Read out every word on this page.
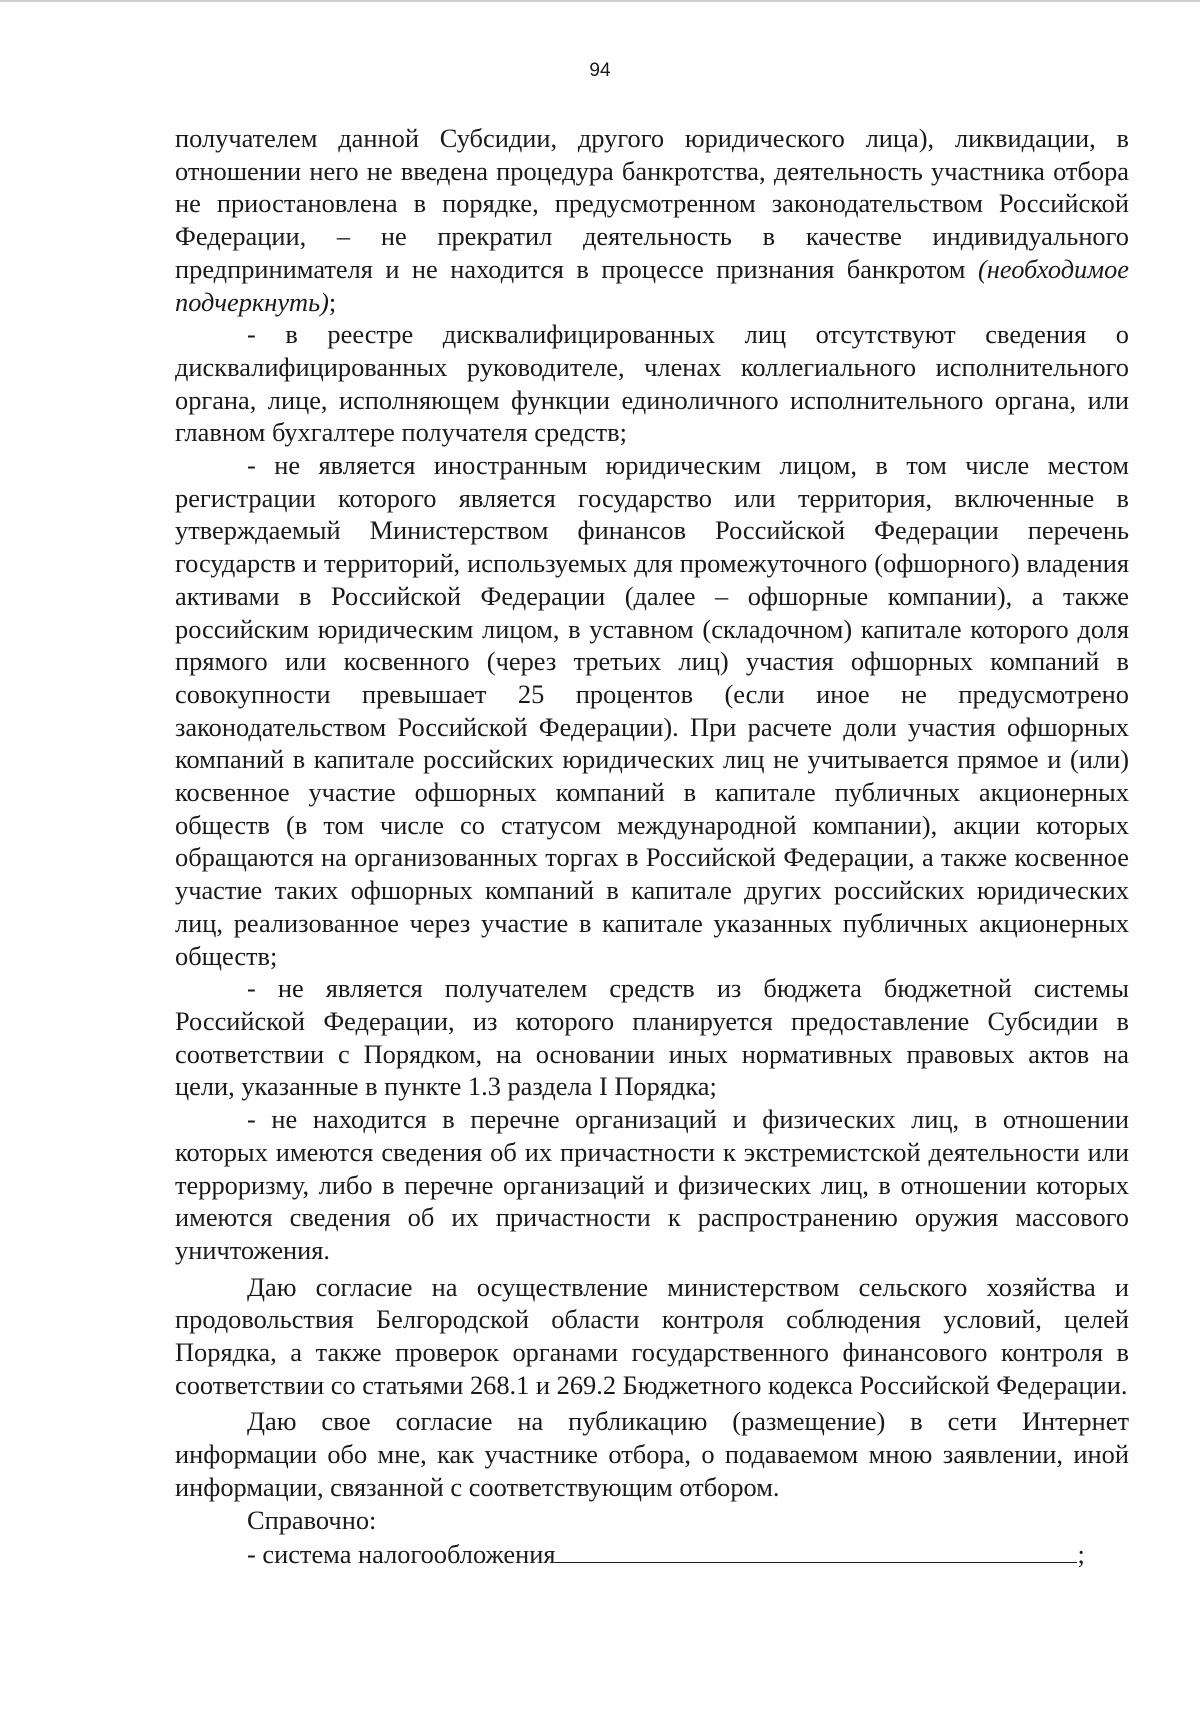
94

получателем данной Субсидии, другого юридического лица), ликвидации, в отношении него не введена процедура банкротства, деятельность участника отбора не приостановлена в порядке, предусмотренном законодательством Российской Федерации, – не прекратил деятельность в качестве индивидуального предпринимателя и не находится в процессе признания банкротом (необходимое подчеркнуть);

- в реестре дисквалифицированных лиц отсутствуют сведения о дисквалифицированных руководителе, членах коллегиального исполнительного органа, лице, исполняющем функции единоличного исполнительного органа, или главном бухгалтере получателя средств;

- не является иностранным юридическим лицом, в том числе местом регистрации которого является государство или территория, включенные в утверждаемый Министерством финансов Российской Федерации перечень государств и территорий, используемых для промежуточного (офшорного) владения активами в Российской Федерации (далее – офшорные компании), а также российским юридическим лицом, в уставном (складочном) капитале которого доля прямого или косвенного (через третьих лиц) участия офшорных компаний в совокупности превышает 25 процентов (если иное не предусмотрено законодательством Российской Федерации). При расчете доли участия офшорных компаний в капитале российских юридических лиц не учитывается прямое и (или) косвенное участие офшорных компаний в капитале публичных акционерных обществ (в том числе со статусом международной компании), акции которых обращаются на организованных торгах в Российской Федерации, а также косвенное участие таких офшорных компаний в капитале других российских юридических лиц, реализованное через участие в капитале указанных публичных акционерных обществ;

- не является получателем средств из бюджета бюджетной системы Российской Федерации, из которого планируется предоставление Субсидии в соответствии с Порядком, на основании иных нормативных правовых актов на цели, указанные в пункте 1.3 раздела I Порядка;

- не находится в перечне организаций и физических лиц, в отношении которых имеются сведения об их причастности к экстремистской деятельности или терроризму, либо в перечне организаций и физических лиц, в отношении которых имеются сведения об их причастности к распространению оружия массового уничтожения.

Даю согласие на осуществление министерством сельского хозяйства и продовольствия Белгородской области контроля соблюдения условий, целей Порядка, а также проверок органами государственного финансового контроля в соответствии со статьями 268.1 и 269.2 Бюджетного кодекса Российской Федерации.

Даю свое согласие на публикацию (размещение) в сети Интернет информации обо мне, как участнике отбора, о подаваемом мною заявлении, иной информации, связанной с соответствующим отбором.

Справочно:

- система налогообложения	;
